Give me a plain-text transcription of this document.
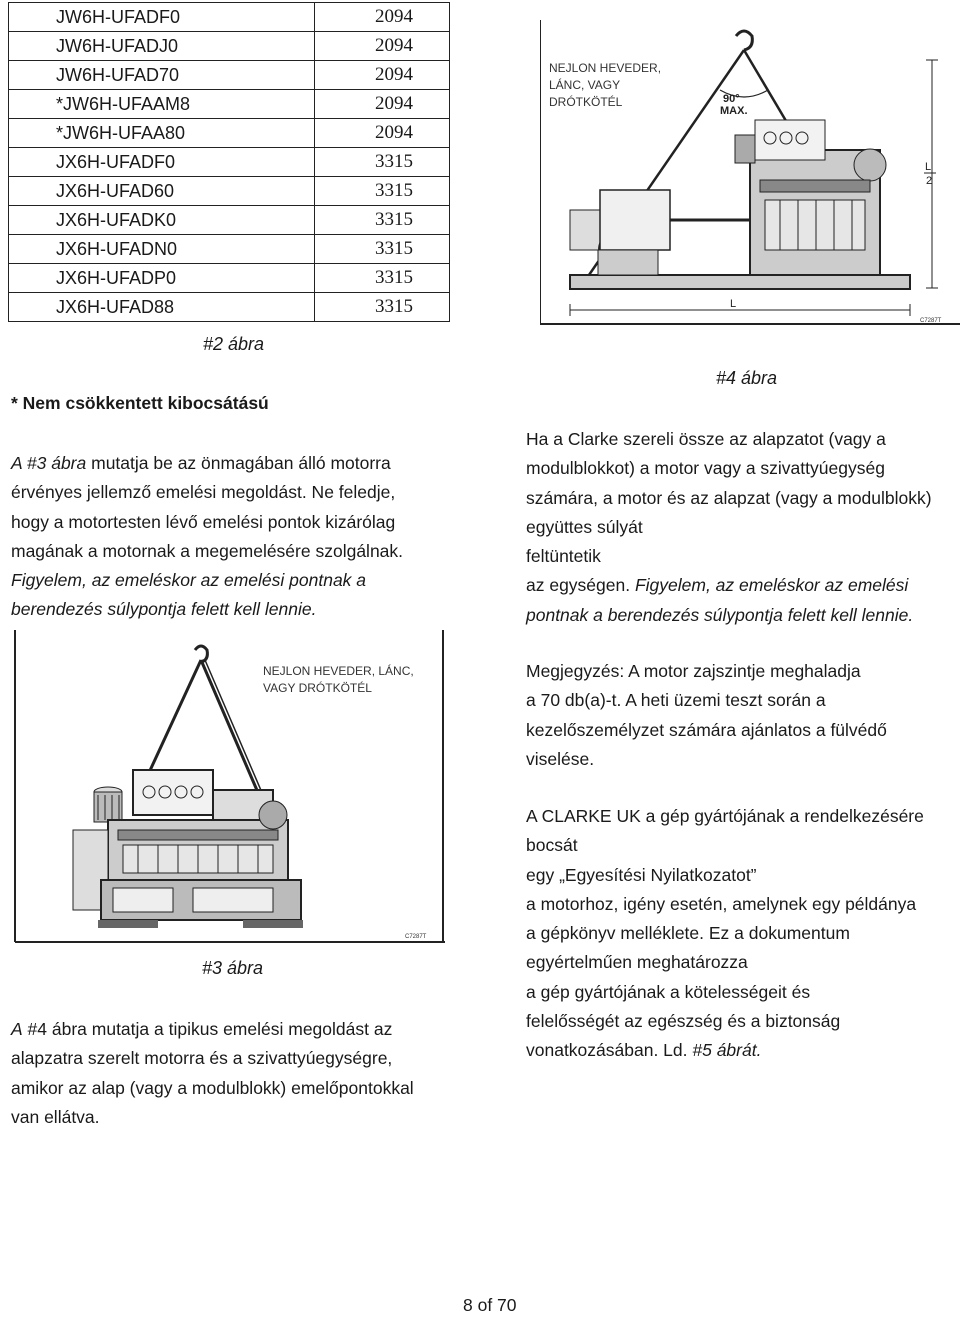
JW6H-UFADF0	2094
JW6H-UFADJ0	2094
JW6H-UFAD70	2094
*JW6H-UFAAM8	2094
*JW6H-UFAA80	2094
JX6H-UFADF0	3315
JX6H-UFAD60	3315
JX6H-UFADK0	3315
JX6H-UFADN0	3315
JX6H-UFADP0	3315
JX6H-UFAD88	3315
#2 ábra
* Nem csökkentett kibocsátású

A #3 ábra mutatja be az önmagában álló motorra

érvényes jellemző emelési megoldást. Ne feledje,

hogy a motortesten lévő emelési pontok kizárólag

magának a motornak a megemelésére szolgálnak.

Figyelem, az emeléskor az emelési pontnak a

berendezés súlypontja felett kell lennie.

C7287T
NEJLON HEVEDER, LÁNC,
VAGY DRÓTKÖTÉL
#3 ábra

A #4 ábra mutatja a tipikus emelési megoldást az

alapzatra szerelt motorra és a szivattyúegységre,

amikor az alap (vagy a modulblokk) emelőpontokkal

van ellátva.

90°
MAX.
L
2
L
C7287T
NEJLON HEVEDER,
LÁNC, VAGY
DRÓTKÖTÉL
#4 ábra

Ha a Clarke szereli össze az alapzatot (vagy a

modulblokkot) a motor vagy a szivattyúegység

számára, a motor és az alapzat (vagy a modulblokk)

együttes súlyát

feltüntetik

az egységen. Figyelem, az emeléskor az emelési

pontnak a berendezés súlypontja felett kell lennie.

Megjegyzés: A motor zajszintje meghaladja

a 70 db(a)-t. A heti üzemi teszt során a

kezelőszemélyzet számára ajánlatos a fülvédő

viselése.

A CLARKE UK a gép gyártójának a rendelkezésére

bocsát

egy „Egyesítési Nyilatkozatot”

a motorhoz, igény esetén, amelynek egy példánya

a gépkönyv melléklete. Ez a dokumentum

egyértelműen meghatározza

a gép gyártójának a kötelességeit és

felelősségét az egészség és a biztonság

vonatkozásában. Ld. #5 ábrát.

8 of 70
